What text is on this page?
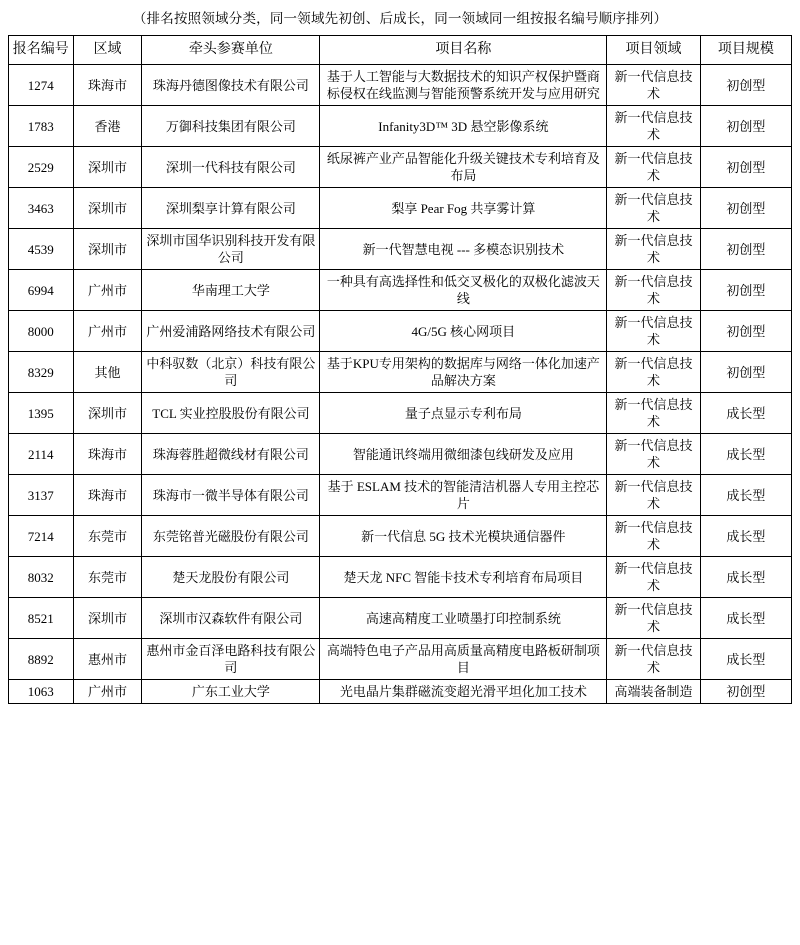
（排名按照领域分类，同一领域先初创、后成长，同一领域同一组按报名编号顺序排列）
报名编号	区域	牵头参赛单位	项目名称	项目领域	项目规模
1274	珠海市	珠海丹德图像技术有限公司	基于人工智能与大数据技术的知识产权保护暨商标侵权在线监测与智能预警系统开发与应用研究	新一代信息技术	初创型
1783	香港	万御科技集团有限公司	Infanity3D™ 3D 悬空影像系统	新一代信息技术	初创型
2529	深圳市	深圳一代科技有限公司	纸尿裤产业产品智能化升级关键技术专利培育及布局	新一代信息技术	初创型
3463	深圳市	深圳梨享计算有限公司	梨享 Pear Fog 共享雾计算	新一代信息技术	初创型
4539	深圳市	深圳市国华识别科技开发有限公司	新一代智慧电视 --- 多模态识别技术	新一代信息技术	初创型
6994	广州市	华南理工大学	一种具有高选择性和低交叉极化的双极化滤波天线	新一代信息技术	初创型
8000	广州市	广州爱浦路网络技术有限公司	4G/5G 核心网项目	新一代信息技术	初创型
8329	其他	中科驭数（北京）科技有限公司	基于KPU专用架构的数据库与网络一体化加速产品解决方案	新一代信息技术	初创型
1395	深圳市	TCL 实业控股股份有限公司	量子点显示专利布局	新一代信息技术	成长型
2114	珠海市	珠海蓉胜超微线材有限公司	智能通讯终端用微细漆包线研发及应用	新一代信息技术	成长型
3137	珠海市	珠海市一微半导体有限公司	基于 ESLAM 技术的智能清洁机器人专用主控芯片	新一代信息技术	成长型
7214	东莞市	东莞铭普光磁股份有限公司	新一代信息 5G 技术光模块通信器件	新一代信息技术	成长型
8032	东莞市	楚天龙股份有限公司	楚天龙 NFC 智能卡技术专利培育布局项目	新一代信息技术	成长型
8521	深圳市	深圳市汉森软件有限公司	高速高精度工业喷墨打印控制系统	新一代信息技术	成长型
8892	惠州市	惠州市金百泽电路科技有限公司	高端特色电子产品用高质量高精度电路板研制项目	新一代信息技术	成长型
1063	广州市	广东工业大学	光电晶片集群磁流变超光滑平坦化加工技术	高端装备制造	初创型
